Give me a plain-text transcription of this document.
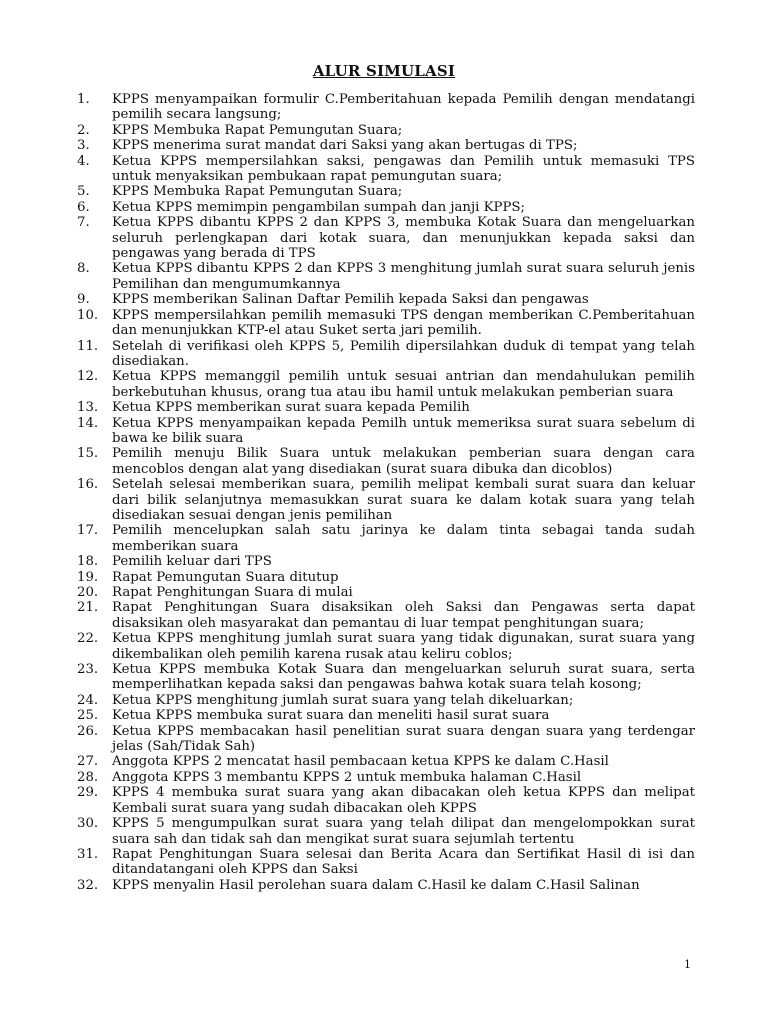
ALUR SIMULASI
1.	KPPS menyampaikan formulir C.Pemberitahuan kepada Pemilih dengan mendatangi pemilih secara langsung;
2.	KPPS Membuka Rapat Pemungutan Suara;
3.	KPPS menerima surat mandat dari Saksi yang akan bertugas di TPS;
4.	Ketua KPPS mempersilahkan saksi, pengawas dan Pemilih untuk memasuki TPS untuk menyaksikan pembukaan rapat pemungutan suara;
5.	KPPS Membuka Rapat Pemungutan Suara;
6.	Ketua KPPS memimpin pengambilan sumpah dan janji KPPS;
7.	Ketua KPPS dibantu KPPS 2 dan KPPS 3, membuka Kotak Suara dan mengeluarkan seluruh perlengkapan dari kotak suara, dan menunjukkan kepada saksi dan pengawas yang berada di TPS
8.	Ketua KPPS dibantu KPPS 2 dan KPPS 3 menghitung jumlah surat suara seluruh jenis Pemilihan dan mengumumkannya
9.	KPPS memberikan Salinan Daftar Pemilih kepada Saksi dan pengawas
10.	KPPS mempersilahkan pemilih memasuki TPS dengan memberikan C.Pemberitahuan dan menunjukkan KTP-el atau Suket serta jari pemilih.
11.	Setelah di verifikasi oleh KPPS 5, Pemilih dipersilahkan duduk di tempat yang telah disediakan.
12.	Ketua KPPS memanggil pemilih untuk sesuai antrian dan mendahulukan pemilih berkebutuhan khusus, orang tua atau ibu hamil untuk melakukan pemberian suara
13.	Ketua KPPS memberikan surat suara kepada Pemilih
14.	Ketua KPPS menyampaikan kepada Pemilh untuk memeriksa surat suara sebelum di bawa ke bilik suara
15.	Pemilih menuju Bilik Suara untuk melakukan pemberian suara dengan cara mencoblos dengan alat yang disediakan (surat suara dibuka dan dicoblos)
16.	Setelah selesai memberikan suara, pemilih melipat kembali surat suara dan keluar dari bilik selanjutnya memasukkan surat suara ke dalam kotak suara yang telah disediakan sesuai dengan jenis pemilihan
17.	Pemilih mencelupkan salah satu jarinya ke dalam tinta sebagai tanda sudah memberikan suara
18.	Pemilih keluar dari TPS
19.	Rapat Pemungutan Suara ditutup
20.	Rapat Penghitungan Suara di mulai
21.	Rapat Penghitungan Suara disaksikan oleh Saksi dan Pengawas serta dapat disaksikan oleh masyarakat dan pemantau di luar tempat penghitungan suara;
22.	Ketua KPPS menghitung jumlah surat suara yang tidak digunakan, surat suara yang dikembalikan oleh pemilih karena rusak atau keliru coblos;
23.	Ketua KPPS membuka Kotak Suara dan mengeluarkan seluruh surat suara, serta memperlihatkan kepada saksi dan pengawas bahwa kotak suara telah kosong;
24.	Ketua KPPS menghitung jumlah surat suara yang telah dikeluarkan;
25.	Ketua KPPS membuka surat suara dan meneliti hasil surat suara
26.	Ketua KPPS membacakan hasil penelitian surat suara dengan suara yang terdengar jelas (Sah/Tidak Sah)
27.	Anggota KPPS 2 mencatat hasil pembacaan ketua KPPS ke dalam C.Hasil
28.	Anggota KPPS 3 membantu KPPS 2 untuk membuka halaman C.Hasil
29.	KPPS 4 membuka surat suara yang akan dibacakan oleh ketua KPPS dan melipat Kembali surat suara yang sudah dibacakan oleh KPPS
30.	KPPS 5 mengumpulkan surat suara yang telah dilipat dan mengelompokkan surat suara sah dan tidak sah dan mengikat surat suara sejumlah tertentu
31.	Rapat Penghitungan Suara selesai dan Berita Acara dan Sertifikat Hasil di isi dan ditandatangani oleh KPPS dan Saksi
32.	KPPS menyalin Hasil perolehan suara dalam C.Hasil ke dalam C.Hasil Salinan
1
